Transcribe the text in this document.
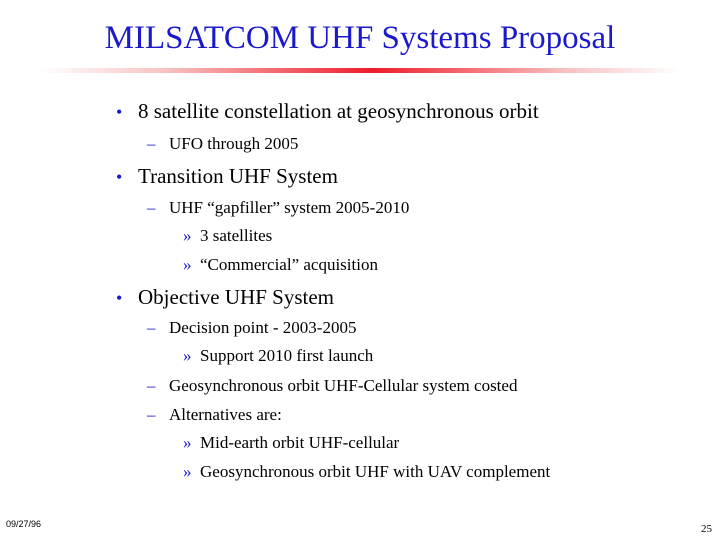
MILSATCOM UHF Systems Proposal
• 8 satellite constellation at geosynchronous orbit
– UFO through 2005
• Transition UHF System
– UHF “gapfiller” system 2005-2010
» 3 satellites
» “Commercial” acquisition
• Objective UHF System
– Decision point - 2003-2005
» Support 2010 first launch
– Geosynchronous orbit UHF-Cellular system costed
– Alternatives are:
» Mid-earth orbit UHF-cellular
» Geosynchronous orbit UHF with UAV complement
09/27/96	25
